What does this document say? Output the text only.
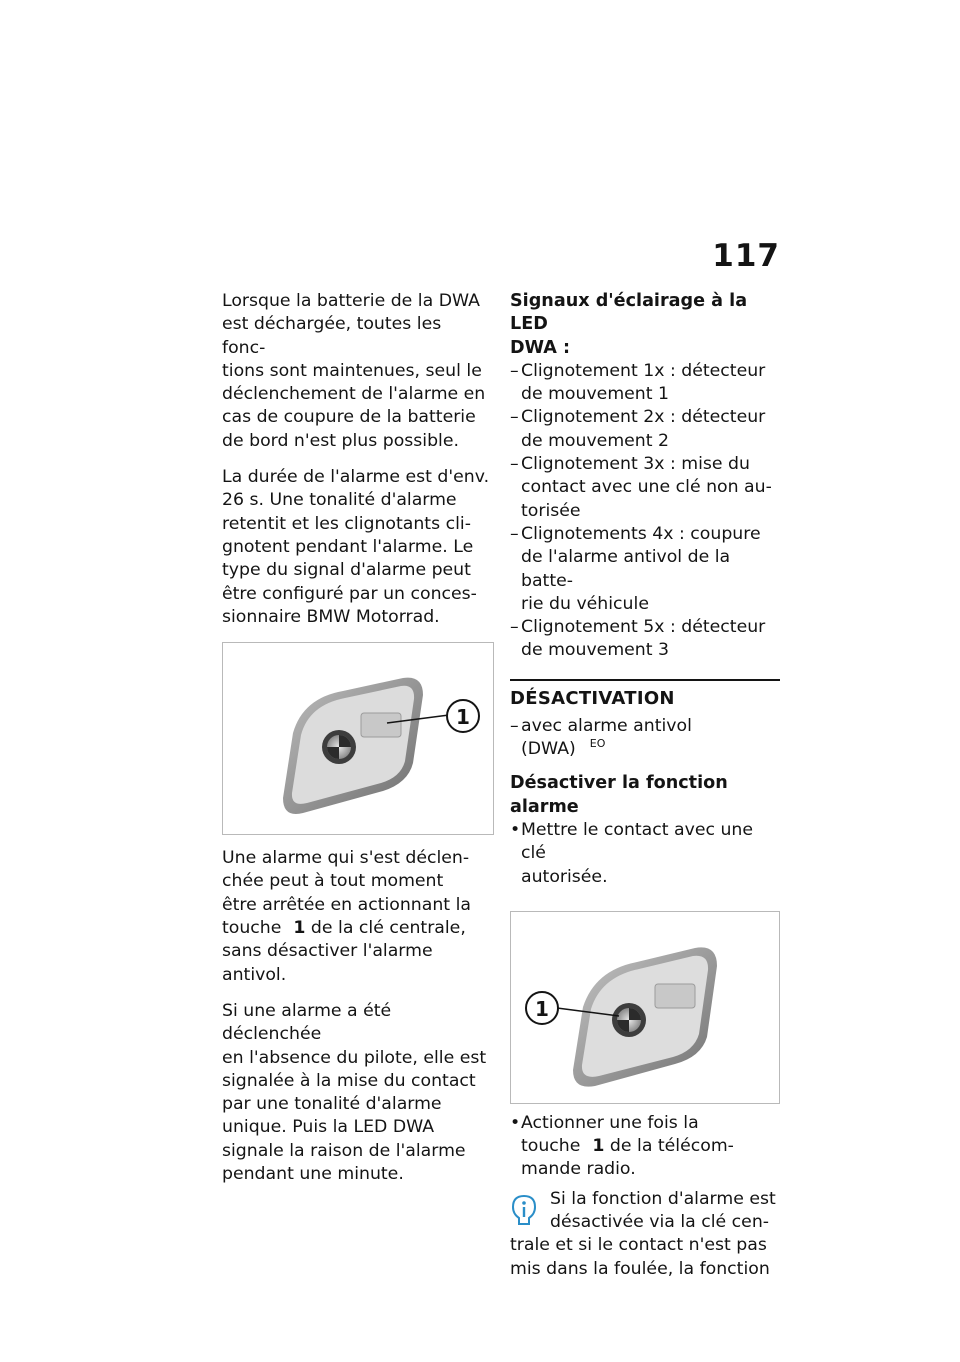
117

Lorsque la batterie de la DWA
est déchargée, toutes les fonc-
tions sont maintenues, seul le
déclenchement de l'alarme en
cas de coupure de la batterie
de bord n'est plus possible.

La durée de l'alarme est d'env.
26 s. Une tonalité d'alarme
retentit et les clignotants cli-
gnotent pendant l'alarme. Le
type du signal d'alarme peut
être configuré par un conces-
sionnaire BMW Motorrad.

1

Une alarme qui s'est déclen-
chée peut à tout moment
être arrêtée en actionnant la
touche 1 de la clé centrale,
sans désactiver l'alarme antivol.

Si une alarme a été déclenchée
en l'absence du pilote, elle est
signalée à la mise du contact
par une tonalité d'alarme
unique. Puis la LED DWA
signale la raison de l'alarme
pendant une minute.

Signaux d'éclairage à la LED
DWA :

– Clignotement 1x : détecteur
de mouvement 1
– Clignotement 2x : détecteur
de mouvement 2
– Clignotement 3x : mise du
contact avec une clé non au-
torisée
– Clignotements 4x : coupure
de l'alarme antivol de la batte-
rie du véhicule
– Clignotement 5x : détecteur
de mouvement 3
DÉSACTIVATION
– avec alarme antivol (DWA) $^{EO}$

Désactiver la fonction alarme

• Mettre le contact avec une clé
autorisée.
1
• Actionner une fois la
touche 1 de la télécom-
mande radio.
Si la fonction d'alarme est
désactivée via la clé cen-
trale et si le contact n'est pas
mis dans la foulée, la fonction
